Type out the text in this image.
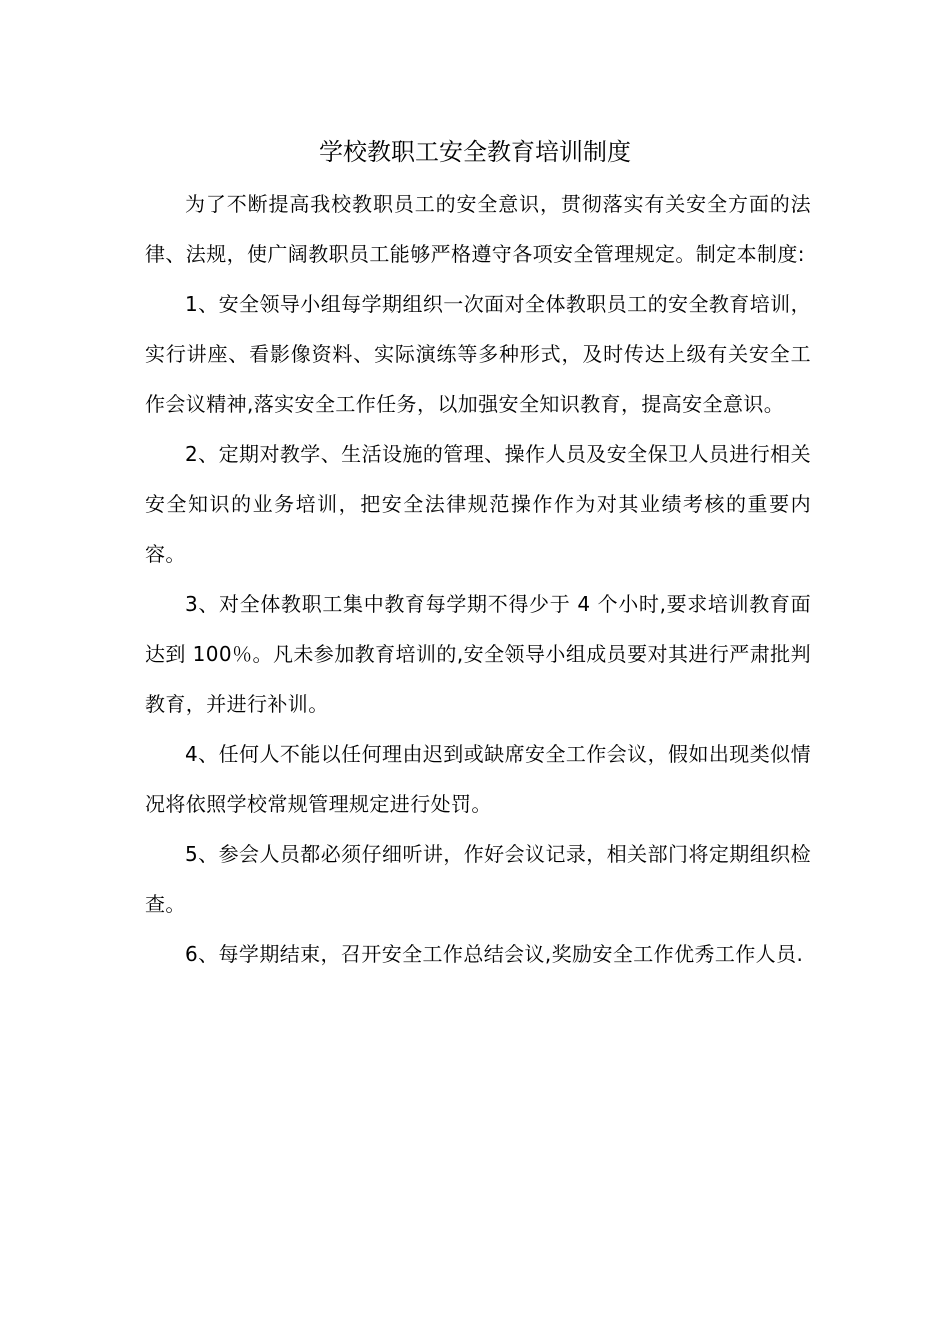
学校教职工安全教育培训制度

为了不断提高我校教职员工的安全意识，贯彻落实有关安全方面的法律、法规，使广阔教职员工能够严格遵守各项安全管理规定。制定本制度:

1、安全领导小组每学期组织一次面对全体教职员工的安全教育培训，实行讲座、看影像资料、实际演练等多种形式，及时传达上级有关安全工作会议精神,落实安全工作任务，以加强安全知识教育，提高安全意识。

2、定期对教学、生活设施的管理、操作人员及安全保卫人员进行相关安全知识的业务培训，把安全法律规范操作作为对其业绩考核的重要内容。

3、对全体教职工集中教育每学期不得少于 4 个小时,要求培训教育面达到 100％。凡未参加教育培训的,安全领导小组成员要对其进行严肃批判教育，并进行补训。

4、任何人不能以任何理由迟到或缺席安全工作会议，假如出现类似情况将依照学校常规管理规定进行处罚。

5、参会人员都必须仔细听讲，作好会议记录，相关部门将定期组织检查。

6、每学期结束，召开安全工作总结会议,奖励安全工作优秀工作人员.
